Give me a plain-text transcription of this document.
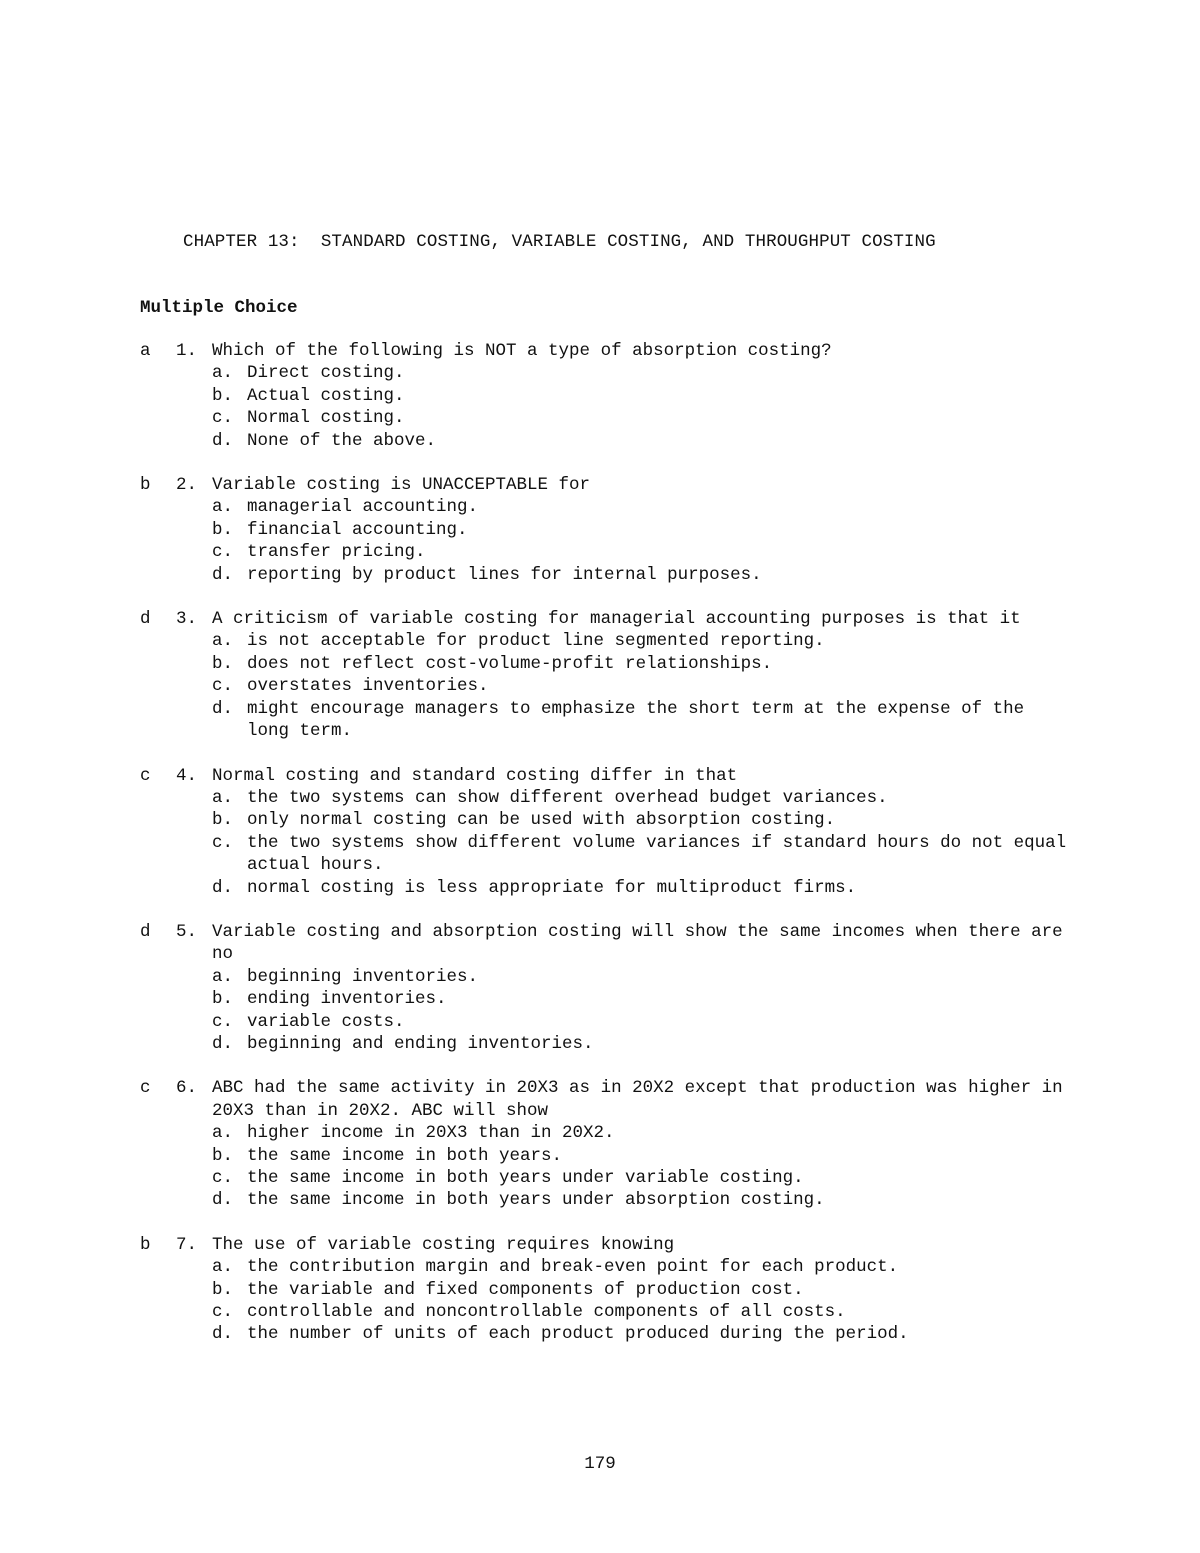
CHAPTER 13:  STANDARD COSTING, VARIABLE COSTING, AND THROUGHPUT COSTING
Multiple Choice
a 1. Which of the following is NOT a type of absorption costing?
a. Direct costing.
b. Actual costing.
c. Normal costing.
d. None of the above.
b 2. Variable costing is UNACCEPTABLE for
a. managerial accounting.
b. financial accounting.
c. transfer pricing.
d. reporting by product lines for internal purposes.
d 3. A criticism of variable costing for managerial accounting purposes is that it
a. is not acceptable for product line segmented reporting.
b. does not reflect cost-volume-profit relationships.
c. overstates inventories.
d. might encourage managers to emphasize the short term at the expense of the long term.
c 4. Normal costing and standard costing differ in that
a. the two systems can show different overhead budget variances.
b. only normal costing can be used with absorption costing.
c. the two systems show different volume variances if standard hours do not equal actual hours.
d. normal costing is less appropriate for multiproduct firms.
d 5. Variable costing and absorption costing will show the same incomes when there are no
a. beginning inventories.
b. ending inventories.
c. variable costs.
d. beginning and ending inventories.
c 6. ABC had the same activity in 20X3 as in 20X2 except that production was higher in 20X3 than in 20X2. ABC will show
a. higher income in 20X3 than in 20X2.
b. the same income in both years.
c. the same income in both years under variable costing.
d. the same income in both years under absorption costing.
b 7. The use of variable costing requires knowing
a. the contribution margin and break-even point for each product.
b. the variable and fixed components of production cost.
c. controllable and noncontrollable components of all costs.
d. the number of units of each product produced during the period.
179
